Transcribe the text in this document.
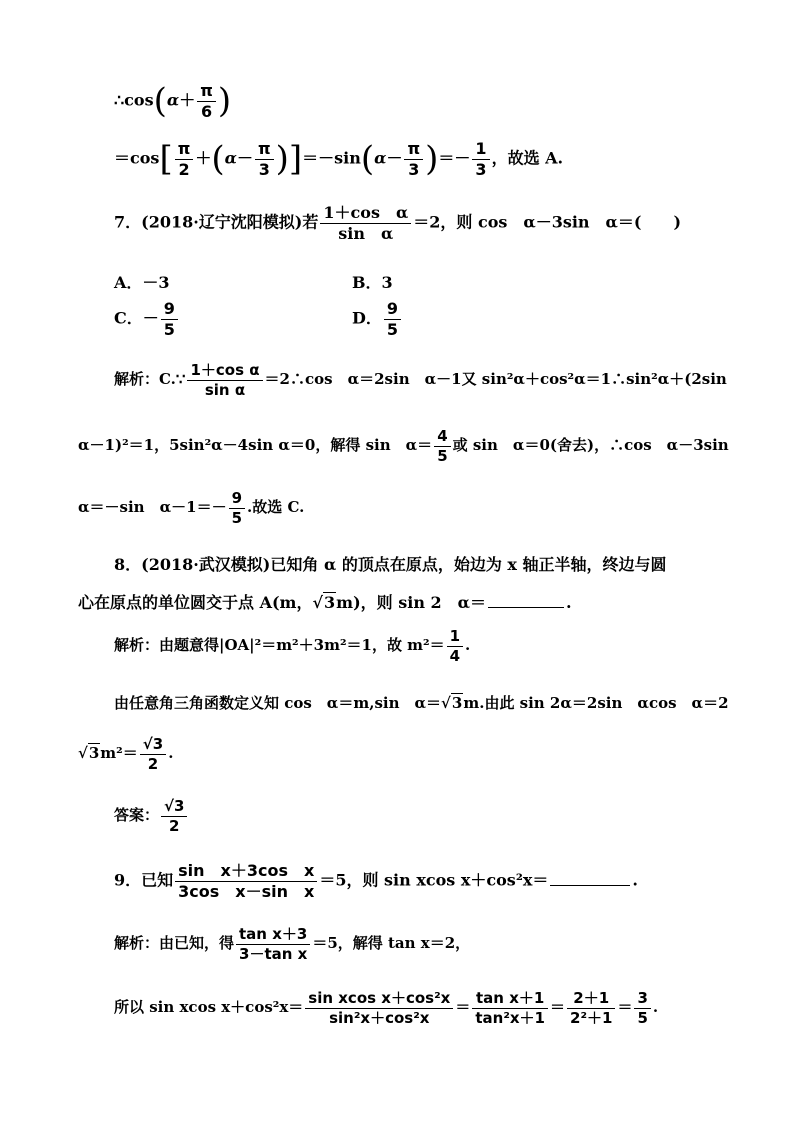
∴cos(α＋ $\frac{\pi}{6}$ )
$=\cos[ \frac{\pi}{2} +(\alpha- \frac{\pi}{3} )]=-\sin(\alpha- \frac{\pi}{3}$ )＝－ $\frac{1}{3}$ ，故选 A.
7．(2018·辽宁沈阳模拟)若 $\frac{\text{1＋cos　α}}{\text{sin　α}} =2$，则 cos　α－3sin　α＝(　　)
A．－3	B．3
C．－ $\frac{9}{5}$	D． $\frac{9}{5}$
解析：C.∵ $\frac{\text{1＋cos α}}{\text{sin α}}$ ＝2∴cos　α＝2sin　α－1又 sin²α＋cos²α＝1∴sin²α＋(2sin
α－1)²＝1，5sin²α－4sin α＝0，解得 sin　$\alpha= \frac{4}{5}$ 或 sin　α＝0(舍去)，∴cos　α－3sin
α＝－sin　$\alpha-1=- \frac{9}{5}$ .故选 C.
8．(2018·武汉模拟)已知角 α 的顶点在原点，始边为 x 轴正半轴，终边与圆
心在原点的单位圆交于点 A(m，√3m)，则 sin 2　α＝	.
解析：由题意得|OA|²＝m²＋3m²＝1，故 $m^2= \frac{1}{4}$ .
由任意角三角函数定义知 cos　α＝m,sin　α＝√3m.由此 sin 2α＝2sin　αcos　α＝2
$√3m^2= \frac{√3}{2}$ .
答案： $\frac{√3}{2}$
9．已知 $\frac{\text{sin　x＋3cos　x}}{\text{3cos　x－sin　x}} =5$，则 sin xcos x＋cos²x＝	.
解析：由已知，得 $\frac{\text{tan x＋3}}{\text{3－tan x}} =5$，解得 tan x＝2，
所以 sin xcos $x+\cos^2x= \frac{\text{sin xcos x＋cos²x}}{\text{sin²x＋cos²x}} = \frac{\text{tan x＋1}}{\text{tan²x＋1}} = \frac{2+1}{\text{2²＋1}} = \frac{3}{5}$ .
